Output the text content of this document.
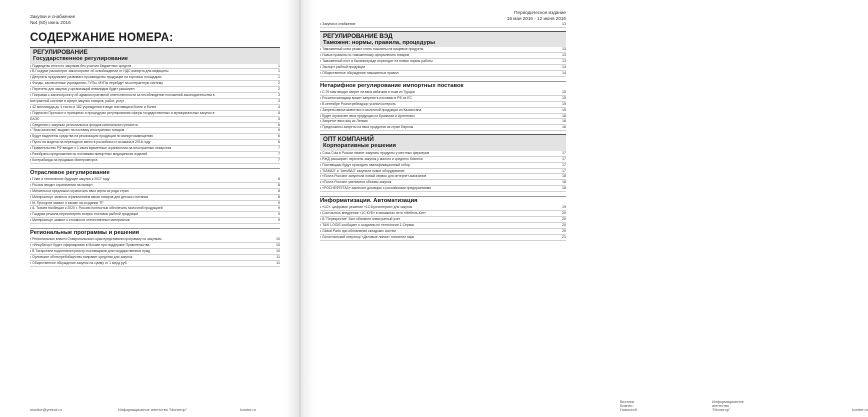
Закупки и снабжение
№4 (50) июнь 2016
СОДЕРЖАНИЕ НОМЕРА:
РЕГУЛИРОВАНИЕ
Государственное регулирование
• Подведены итоги по закупкам без участия бюджетных средств	1
• В Госдуме рассмотрят законопроект об освобождении от НДС импорта для медицины	1
• Депутаты предлагают развивать производство продукции на торговых площадках	1
• Фонды, заключенные учреждения, ГУПы, МУПы перейдут на контрактную систему	2
• Перечень для закупок у организаций инвалидов будет расширен	2
• Поправки к законопроекту об административной ответственности за несоблюдение положений законодательства в	3
контрактной системе в сфере закупок товаров, работ, услуг	3
• 42 миллиарда до 4 тысяч и 182 учреждения в виде поставщика более и более	4
• Подписан Протокол о принципах и процедурах регулирования сферы государственных и муниципальных закупок в	5
ЕАЭС	5
• Сведения о закупках региональных фондов капитального ремонта	6
• "Знак качества" выдают на поставку иностранных товаров	6
• Будут выделены средства на реализацию продукции по импортозамещению	6
• Пусть на модели на переходное звено в российского госзаказа в 2016 году	6
• Правительство РФ вводит с 1 июля временные ограничения на иностранные лекарства	7
• Разобраны предложения по поставкам импортных медицинских изделий	7
• Контрабанда на продажах Минпромторга	7
Отраслевое регулирование
• План и техническое будущее закупок к 2017 году	8
• Россия вводит ограничения на импорт	8
• Минсельхоз предложил ограничить ввоз зерна из ряда стран	8
• Минпромторг занялся ограничением ввоза товаров для детского питания	8
• М. Прохоров заявил о заказе на создание "Ё"	9
• А. Ткачев пообещал к 2020 г. Россию полностью обеспечить молочной продукцией	9
• Госдума решила пересмотреть вопрос поставок рыбной продукции	9
• Минпромторг заявил о стоимости отечественных материалов	9
Региональные программы и решения
• Региональные власти Ставропольского края представили программу по закупкам	10
• «Инкубатор» будет сформирован в Москве при поддержке Правительства	10
• В Татарстане подготовлен реестр поставщиков для государственных нужд	10
• Орловское облпотребобщество направит средства для закупок	11
• Общественное обсуждение закупок на сумму от 1 млрд руб.	11
monitor@ynteck.ru	Информационное агентство "Монитор"	Iconter.ru
Периодическое издание
16 мая 2016 - 12 июня 2016
• Закупки и снабжение	13
РЕГУЛИРОВАНИЕ ВЭД
Таможня: нормы, правила, процедуры
• Таможенный союз решил снять пошлины на пищевые продукты	13
• Новые правила по таможенному оформлению товаров	13
• Таможенный пост в Калининграде переходит на новые нормы работы	13
• Экспорт рыбной продукции	14
• Общественное обсуждение таможенных правил	14
Нетарифное регулирование импортных поставок
• С 29 мая вводят запрет на ввоз кабачков и тыкв из Турции	15
• Россельхознадзор может запретить поставки в РФ из ЕС	15
• В сентябре Роспотребнадзор усилил контроль	15
• Запреты ввоза животных и молочной продукции из Казахстана	15
• Будет ограничен ввоз продукции из Бразилии и Аргентины	16
• Запретят ввоз яиц из Латвии	16
• Предложены запреты на ввоз продуктов из стран Европы	16
ОПТ КОМПАНИЙ
Корпоративные решения
• Coca-Cola в России начнет закупать продукты у местных фермеров	17
• РЖД расширяет перечень закупок у малого и среднего бизнеса	17
• Поставщики будут проходить квалификационный отбор	17
• "КАМАЗ" и "АвтоВАЗ" закупили новое оборудование	17
• «Почта России» запустила новый сервис для интернет-магазинов	18
• «Почта России» увеличила объемы закупок	18
• «РОСНЕФТЕГАЗ» заключит договоры с российскими предприятиями	18
Информатизация. Автоматизация
• «1С»: цифровое решение «1С:Бухгалтерия» для закупок	19
• Состоялось внедрение «1С:КУБ» в магазинах сети «Мебель-Кит»	20
• В "Перекрестке" был обновлен электронный учет	20
• TAXI LOGIS сообщает о создании по технологии 1-Сервис	20
• Global Parts при обновлении складских систем	20
• Логистический оператор «Деловые линии» пополнил парк	21
Вестник Бизнес-Новостей
Информационное агентство "Монитор"	Iconter.ru
